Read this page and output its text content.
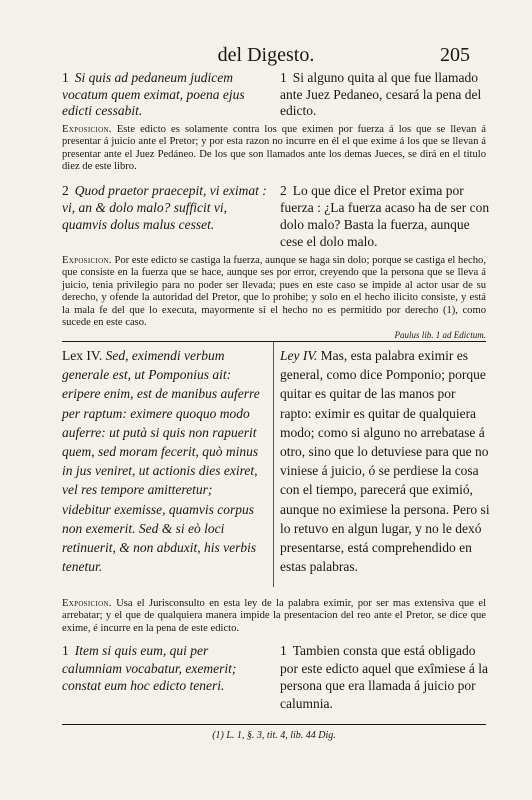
del Digesto.	205
1 Si quis ad pedaneum judicem vocatum quem eximat, poena ejus edicti cessabit.
1 Si alguno quita al que fue llamado ante Juez Pedaneo, cesará la pena del edicto.
Exposicion. Este edicto es solamente contra los que eximen por fuerza á los que se llevan á presentar á juicio ante el Pretor; y por esta razon no incurre en él el que exime á los que se llevan á presentar ante el Juez Pedáneo. De los que son llamados ante los demas Jueces, se dirá en el titulo diez de este libro.
2 Quod praetor praecepit, vi eximat : vi, an & dolo malo? sufficit vi, quamvis dolus malus cesset.
2 Lo que dice el Pretor exima por fuerza : ¿La fuerza acaso ha de ser con dolo malo? Basta la fuerza, aunque cese el dolo malo.
Exposicion. Por este edicto se castiga la fuerza, aunque se haga sin dolo; porque se castiga el hecho, que consiste en la fuerza que se hace, aunque ses por error, creyendo que la persona que se lleva á juicio, tenia privilegio para no poder ser llevada; pues en este caso se impide al actor usar de su derecho, y ofende la autoridad del Pretor, que lo prohibe; y solo en el hecho ilicito consiste, y está la mala fe del que lo executa, mayormente si el hecho no es permitido por derecho (1), como sucede en este caso.
Paulus lib. 1 ad Edictum.
Lex IV. Sed, eximendi verbum generale est, ut Pomponius ait: eripere enim, est de manibus auferre per raptum: eximere quoquo modo auferre: ut putà si quis non rapuerit quem, sed moram fecerit, quò minus in jus veniret, ut actionis dies exiret, vel res tempore amitteretur; videbitur exemisse, quamvis corpus non exemerit. Sed & si eò loci retinuerit, & non abduxit, his verbis tenetur.
Ley IV. Mas, esta palabra eximir es general, como dice Pomponio; porque quitar es quitar de las manos por rapto: eximir es quitar de qualquiera modo; como si alguno no arrebatase á otro, sino que lo detuviese para que no viniese á juicio, ó se perdiese la cosa con el tiempo, parecerá que eximió, aunque no eximiese la persona. Pero si lo retuvo en algun lugar, y no le dexó presentarse, está comprehendido en estas palabras.
Exposicion. Usa el Jurisconsulto en esta ley de la palabra eximir, por ser mas extensiva que el arrebatar; y el que de qualquiera manera impide la presentacion del reo ante el Pretor, se dice que exime, é incurre en la pena de este edicto.
1 Item si quis eum, qui per calumniam vocabatur, exemerit; constat eum hoc edicto teneri.
1 Tambien consta que está obligado por este edicto aquel que exîmiese á la persona que era llamada á juicio por calumnia.
(1) L. 1, §. 3, tit. 4, lib. 44 Dig.
